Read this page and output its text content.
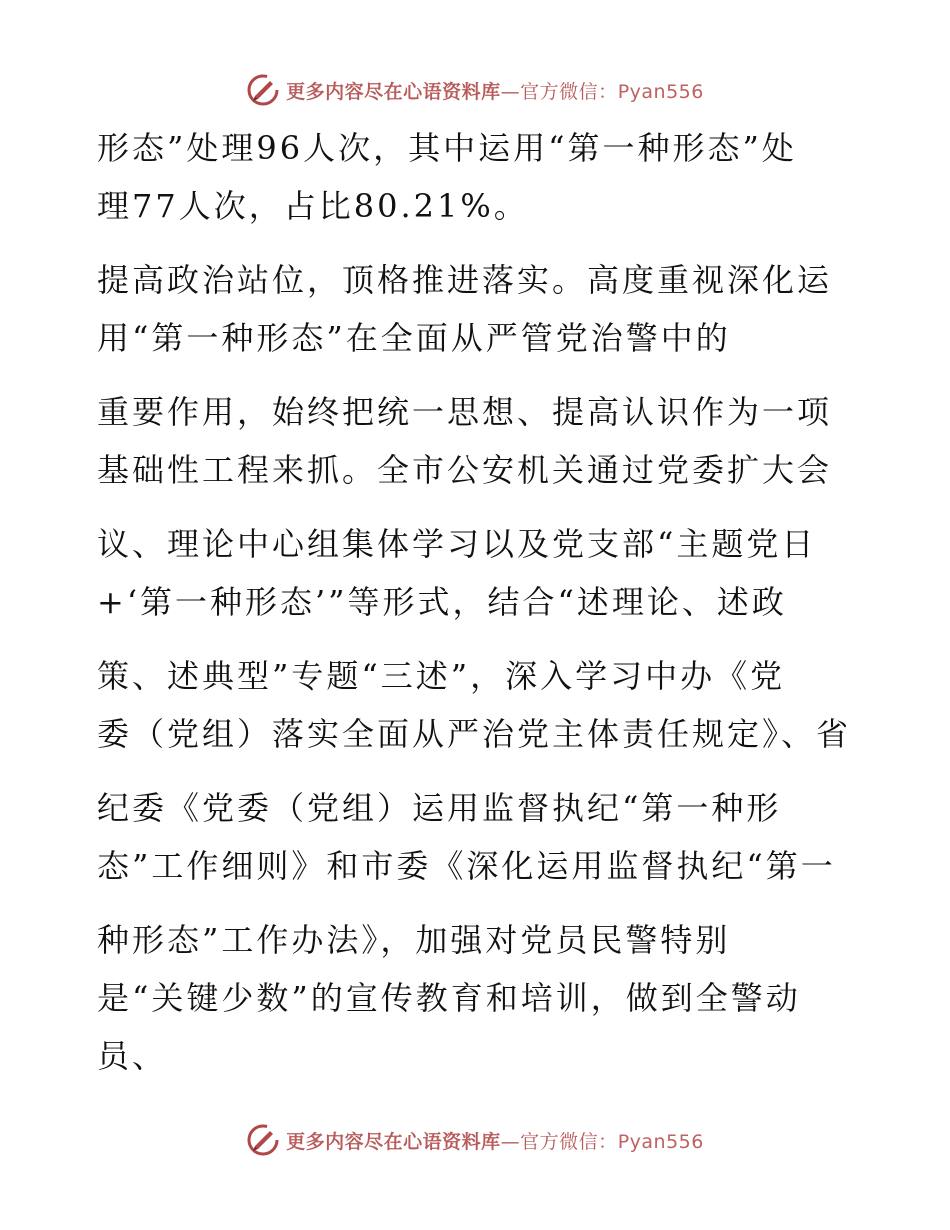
更多内容尽在心语资料库—官方微信：Pyan556
形态”处理96人次，其中运用“第一种形态”处
理77人次，占比80.21%。
提高政治站位，顶格推进落实。高度重视深化运
用“第一种形态”在全面从严管党治警中的
重要作用，始终把统一思想、提高认识作为一项
基础性工程来抓。全市公安机关通过党委扩大会
议、理论中心组集体学习以及党支部“主题党日
+‘第一种形态’”等形式，结合“述理论、述政
策、述典型”专题“三述”，深入学习中办《党
委（党组）落实全面从严治党主体责任规定》、省
纪委《党委（党组）运用监督执纪“第一种形
态”工作细则》和市委《深化运用监督执纪“第一
种形态”工作办法》，加强对党员民警特别
是“关键少数”的宣传教育和培训，做到全警动
员、
更多内容尽在心语资料库—官方微信：Pyan556
